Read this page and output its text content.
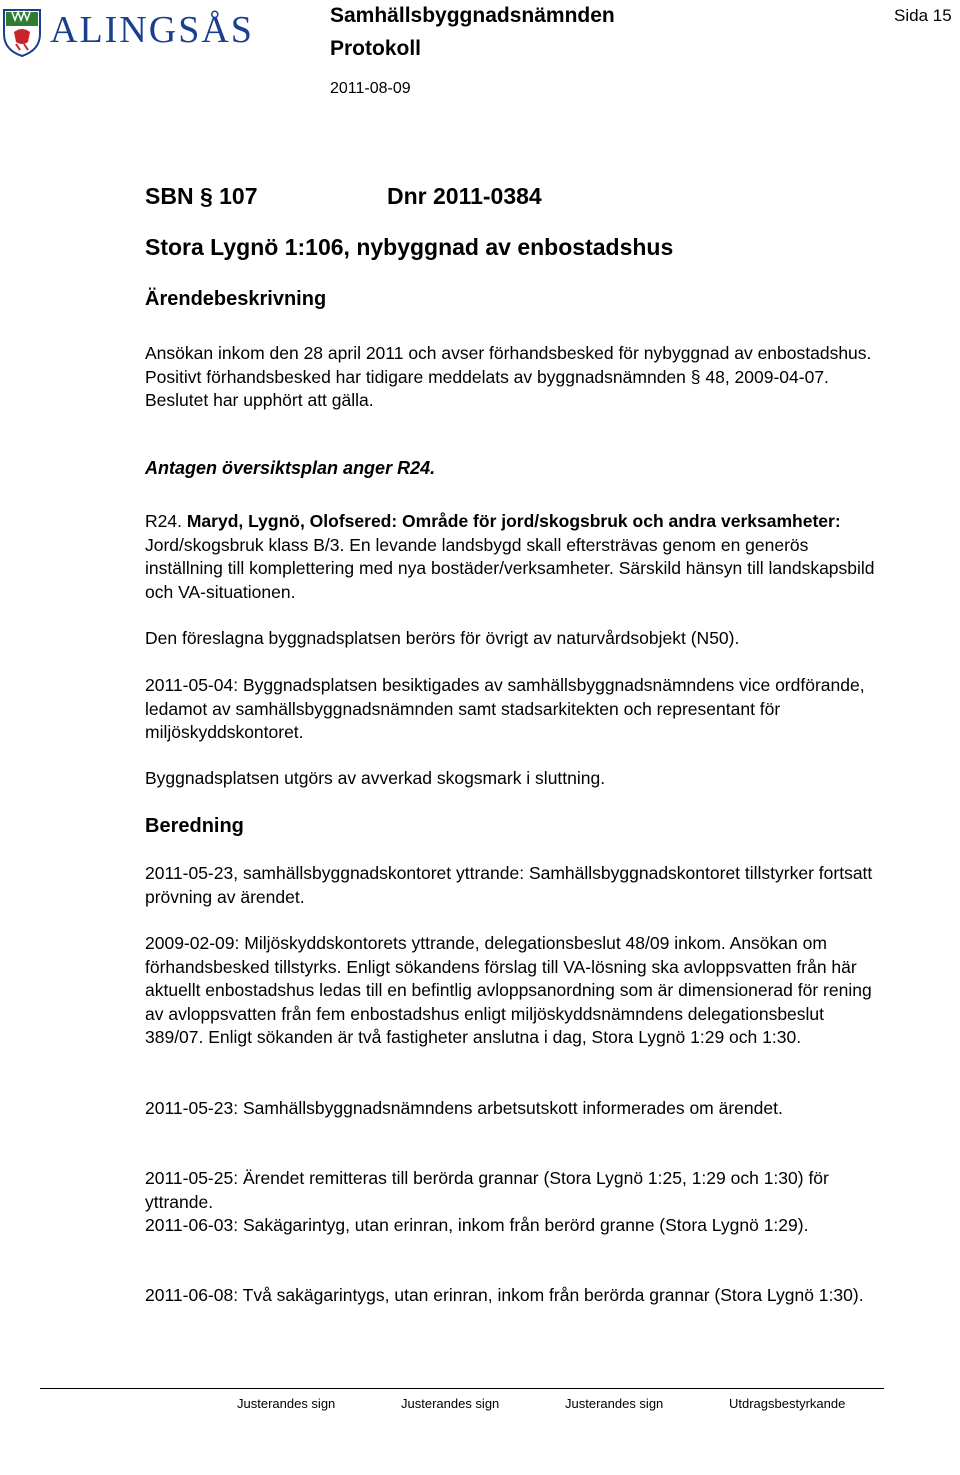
ALINGSÅS	Samhällsbyggnadsnämnden
Protokoll
2011-08-09
Sida 15
SBN § 107	Dnr 2011-0384
Stora Lygnö 1:106, nybyggnad av enbostadshus
Ärendebeskrivning

Ansökan inkom den 28 april 2011 och avser förhandsbesked för nybyggnad av enbostadshus. Positivt förhandsbesked har tidigare meddelats av byggnadsnämnden § 48, 2009-04-07. Beslutet har upphört att gälla.

Antagen översiktsplan anger R24.

R24. Maryd, Lygnö, Olofsered: Område för jord/skogsbruk och andra verksamheter: Jord/skogsbruk klass B/3. En levande landsbygd skall eftersträvas genom en generös inställning till komplettering med nya bostäder/verksamheter. Särskild hänsyn till landskapsbild och VA-situationen.

Den föreslagna byggnadsplatsen berörs för övrigt av naturvårdsobjekt (N50).
2011-05-04: Byggnadsplatsen besiktigades av samhällsbyggnadsnämndens vice ordförande, ledamot av samhällsbyggnadsnämnden samt stadsarkitekten och representant för miljöskyddskontoret.
Byggnadsplatsen utgörs av avverkad skogsmark i sluttning.
Beredning
2011-05-23, samhällsbyggnadskontoret yttrande: Samhällsbyggnadskontoret tillstyrker fortsatt prövning av ärendet.
2009-02-09: Miljöskyddskontorets yttrande, delegationsbeslut 48/09 inkom. Ansökan om förhandsbesked tillstyrks. Enligt sökandens förslag till VA-lösning ska avloppsvatten från här aktuellt enbostadshus ledas till en befintlig avloppsanordning som är dimensionerad för rening av avloppsvatten från fem enbostadshus enligt miljöskyddsnämndens delegationsbeslut 389/07. Enligt sökanden är två fastigheter anslutna i dag, Stora Lygnö 1:29 och 1:30.
2011-05-23: Samhällsbyggnadsnämndens arbetsutskott informerades om ärendet.
2011-05-25: Ärendet remitteras till berörda grannar (Stora Lygnö 1:25, 1:29 och 1:30) för yttrande.
2011-06-03: Sakägarintyg, utan erinran, inkom från berörd granne (Stora Lygnö 1:29).
2011-06-08: Två sakägarintygs, utan erinran, inkom från berörda grannar (Stora Lygnö 1:30).
Justerandes sign	Justerandes sign	Justerandes sign	Utdragsbestyrkande
